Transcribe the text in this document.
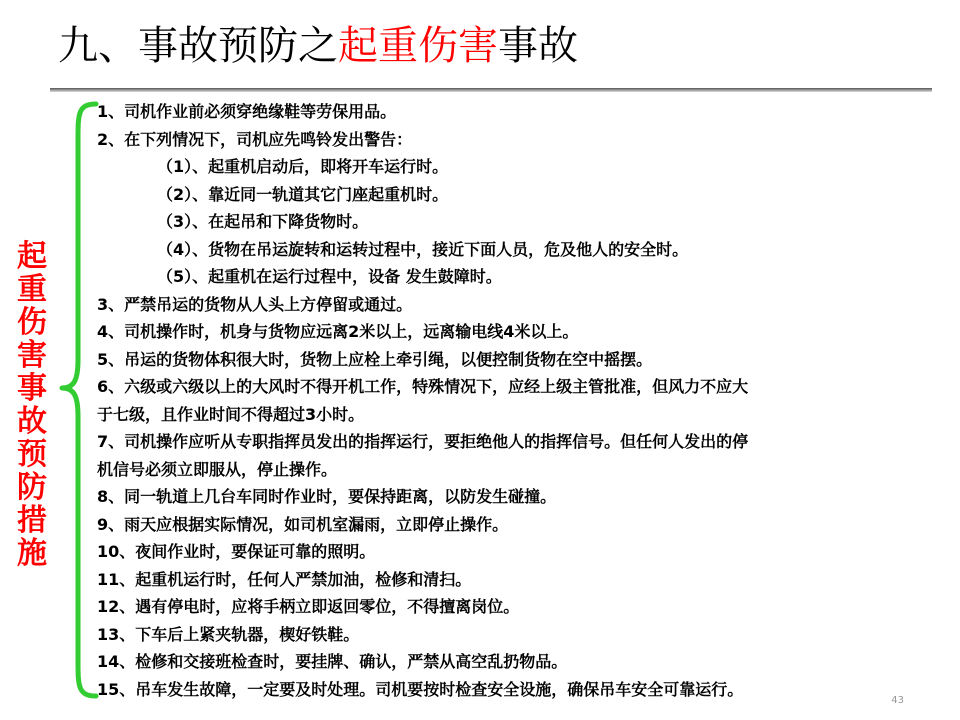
九、事故预防之起重伤害事故
起重伤害事故预防措施
1、司机作业前必须穿绝缘鞋等劳保用品。
2、在下列情况下，司机应先鸣铃发出警告：
（1）、起重机启动后，即将开车运行时。
（2）、靠近同一轨道其它门座起重机时。
（3）、在起吊和下降货物时。
（4）、货物在吊运旋转和运转过程中，接近下面人员，危及他人的安全时。
（5）、起重机在运行过程中，设备 发生鼓障时。
3、严禁吊运的货物从人头上方停留或通过。
4、司机操作时，机身与货物应远离2米以上，远离输电线4米以上。
5、吊运的货物体积很大时，货物上应栓上牵引绳，以便控制货物在空中摇摆。
6、六级或六级以上的大风时不得开机工作，特殊情况下，应经上级主管批准，但风力不应大
于七级，且作业时间不得超过3小时。
7、司机操作应听从专职指挥员发出的指挥运行，要拒绝他人的指挥信号。但任何人发出的停
机信号必须立即服从，停止操作。
8、同一轨道上几台车同时作业时，要保持距离，以防发生碰撞。
9、雨天应根据实际情况，如司机室漏雨，立即停止操作。
10、夜间作业时，要保证可靠的照明。
11、起重机运行时，任何人严禁加油，检修和清扫。
12、遇有停电时，应将手柄立即返回零位，不得擅离岗位。
13、下车后上紧夹轨器，楔好铁鞋。
14、检修和交接班检查时，要挂牌、确认，严禁从高空乱扔物品。
15、吊车发生故障，一定要及时处理。司机要按时检查安全设施，确保吊车安全可靠运行。
43
